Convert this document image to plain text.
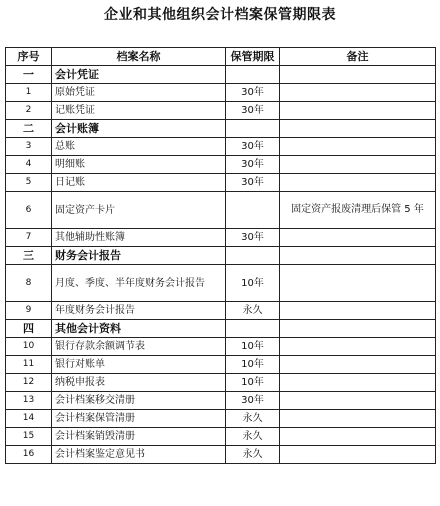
企业和其他组织会计档案保管期限表
序号	档案名称	保管期限	备注
一	会计凭证		
1	原始凭证	30年	
2	记账凭证	30年	
二	会计账簿		
3	总账	30年	
4	明细账	30年	
5	日记账	30年	
6	固定资产卡片		固定资产报废清理后保管 5 年
7	其他辅助性账簿	30年	
三	财务会计报告		
8	月度、季度、半年度财务会计报告	10年	
9	年度财务会计报告	永久	
四	其他会计资料		
10	银行存款余额调节表	10年	
11	银行对账单	10年	
12	纳税申报表	10年	
13	会计档案移交清册	30年	
14	会计档案保管清册	永久	
15	会计档案销毁清册	永久	
16	会计档案鉴定意见书	永久	
